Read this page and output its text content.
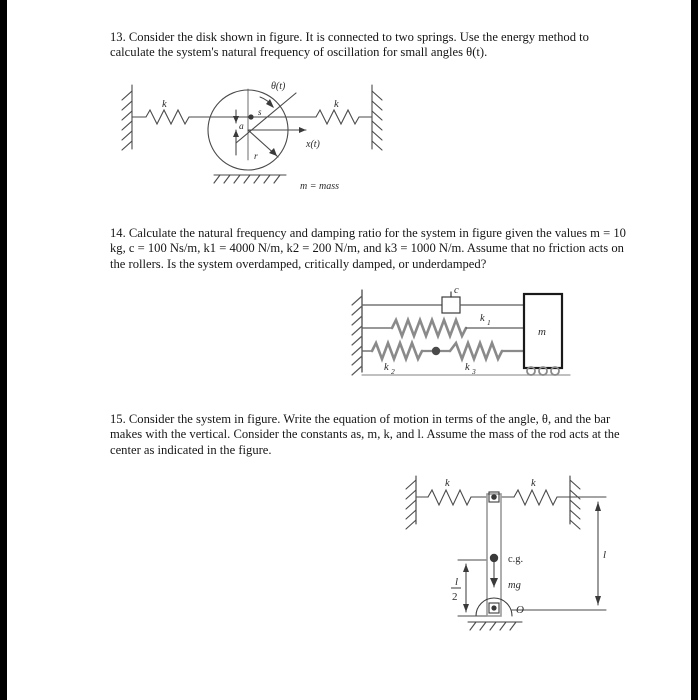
13. Consider the disk shown in figure. It is connected to two springs. Use the energy method to calculate the system's natural frequency of oscillation for small angles θ(t).
k	k
θ(t)
x(t)
s
a
r
m = mass
14. Calculate the natural frequency and damping ratio for the system in figure given the values m = 10 kg, c = 100 Ns/m, k1 = 4000 N/m, k2 = 200 N/m, and k3 = 1000 N/m. Assume that no friction acts on the rollers. Is the system overdamped, critically damped, or underdamped?
c
k 1
k 2	k 3
m
15. Consider the system in figure. Write the equation of motion in terms of the angle, θ, and the bar makes with the vertical. Consider the constants as, m, k, and l. Assume the mass of the rod acts at the center as indicated in the figure.
k	k
c.g.
mg
l
2
O
l
